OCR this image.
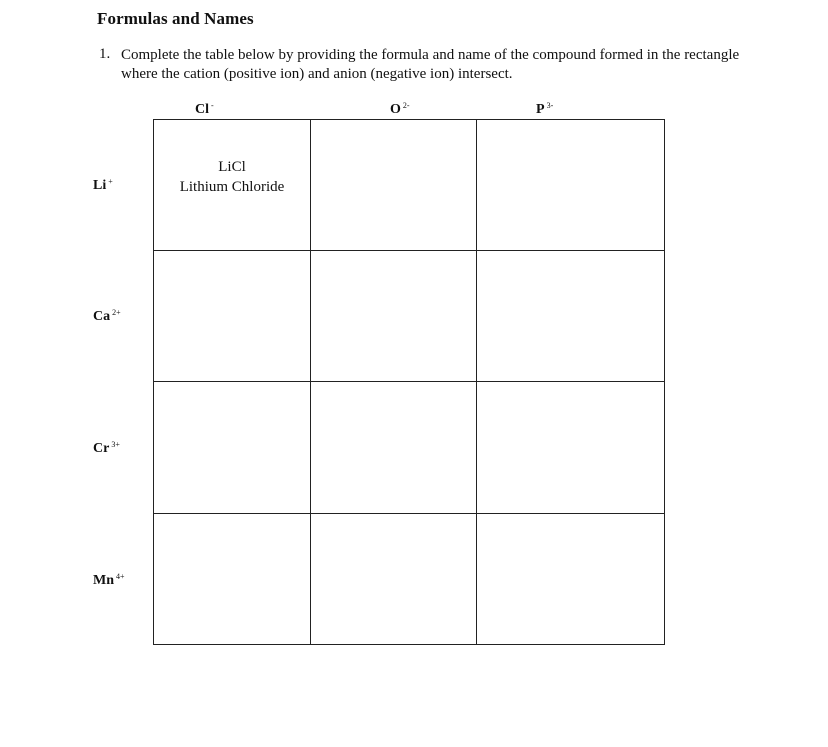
Formulas and Names
1. Complete the table below by providing the formula and name of the compound formed in the rectangle where the cation (positive ion) and anion (negative ion) intersect.
Cl -	O $^{2-}$	P $^{3-}$
Li +
Ca $^{2+}$
Cr $^{3+}$
Mn $^{4+}$
LiCl
Lithium Chloride
